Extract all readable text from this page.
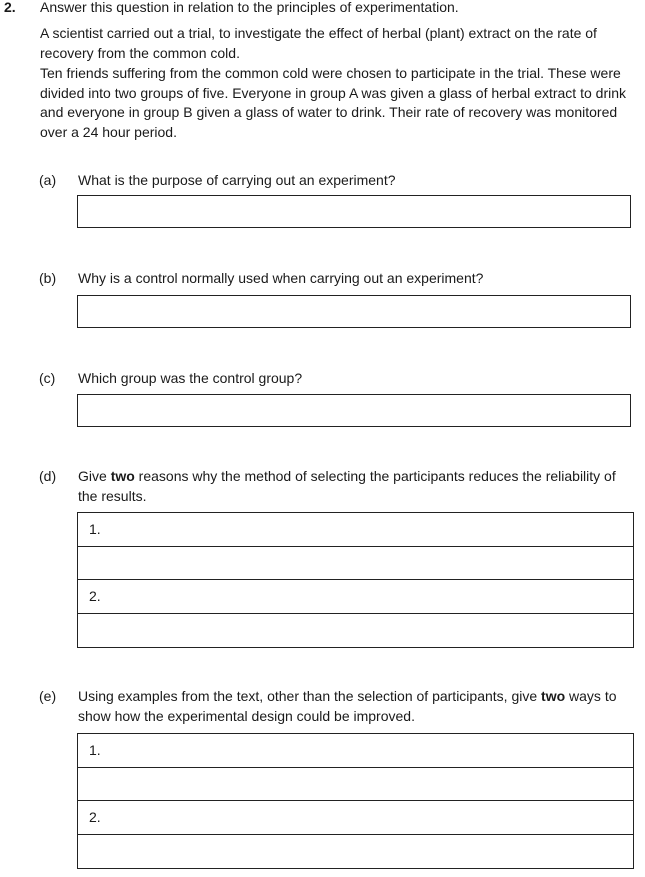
2. Answer this question in relation to the principles of experimentation.
A scientist carried out a trial, to investigate the effect of herbal (plant) extract on the rate of recovery from the common cold.
Ten friends suffering from the common cold were chosen to participate in the trial. These were divided into two groups of five. Everyone in group A was given a glass of herbal extract to drink and everyone in group B given a glass of water to drink. Their rate of recovery was monitored over a 24 hour period.
(a) What is the purpose of carrying out an experiment?
(b) Why is a control normally used when carrying out an experiment?
(c) Which group was the control group?
(d) Give two reasons why the method of selecting the participants reduces the reliability of the results.
1.
2.
(e) Using examples from the text, other than the selection of participants, give two ways to show how the experimental design could be improved.
1.
2.
